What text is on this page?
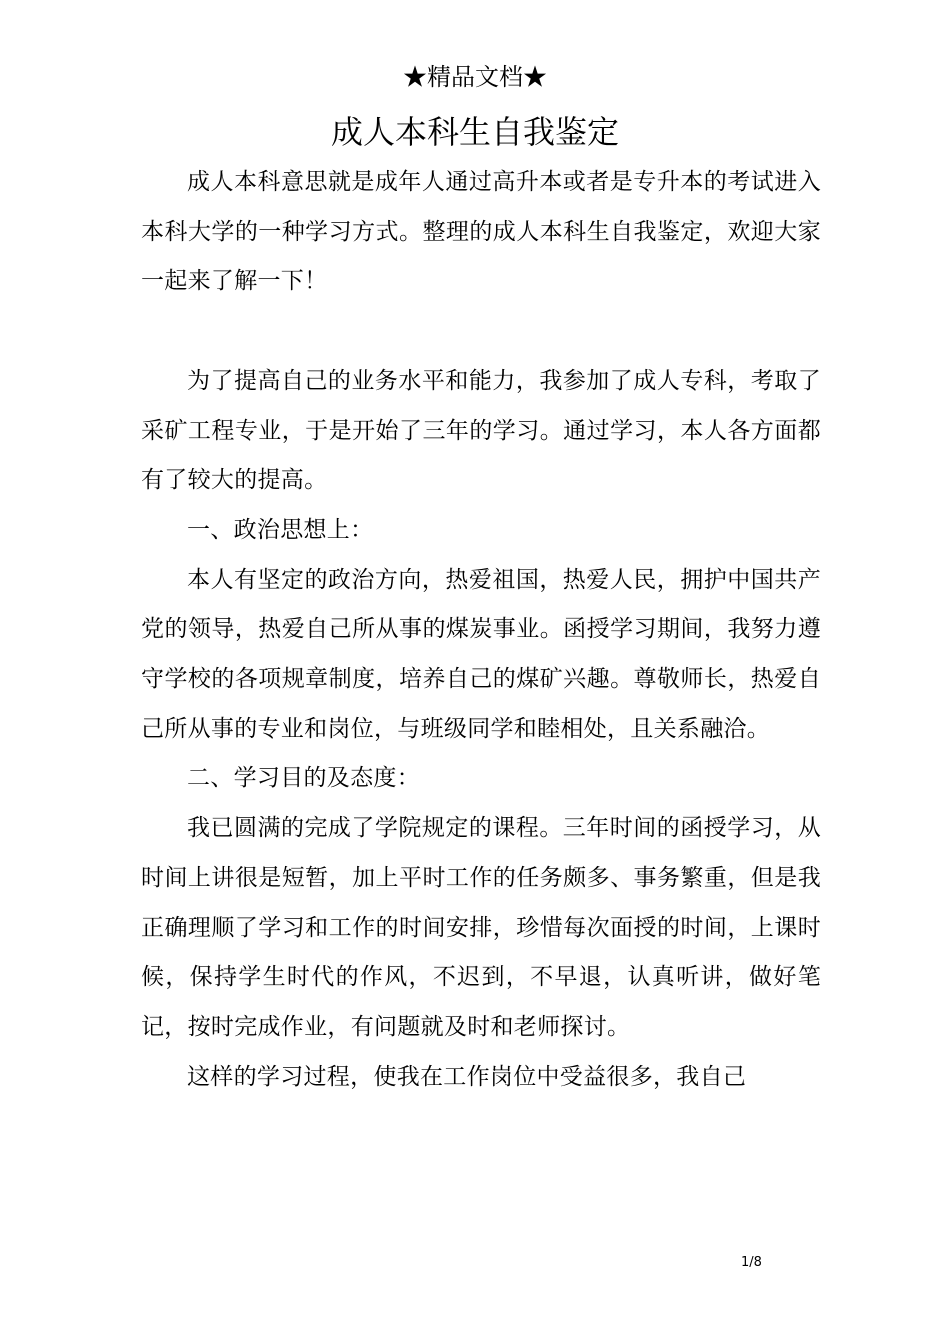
★精品文档★
成人本科生自我鉴定

成人本科意思就是成年人通过高升本或者是专升本的考试进入本科大学的一种学习方式。整理的成人本科生自我鉴定，欢迎大家一起来了解一下！

为了提高自己的业务水平和能力，我参加了成人专科，考取了采矿工程专业，于是开始了三年的学习。通过学习，本人各方面都有了较大的提高。

一、政治思想上：

本人有坚定的政治方向，热爱祖国，热爱人民，拥护中国共产党的领导，热爱自己所从事的煤炭事业。函授学习期间，我努力遵守学校的各项规章制度，培养自己的煤矿兴趣。尊敬师长，热爱自己所从事的专业和岗位，与班级同学和睦相处，且关系融洽。

二、学习目的及态度：

我已圆满的完成了学院规定的课程。三年时间的函授学习，从时间上讲很是短暂，加上平时工作的任务颇多、事务繁重，但是我正确理顺了学习和工作的时间安排，珍惜每次面授的时间，上课时候，保持学生时代的作风，不迟到，不早退，认真听讲，做好笔记，按时完成作业，有问题就及时和老师探讨。

这样的学习过程，使我在工作岗位中受益很多，我自己

1/8
